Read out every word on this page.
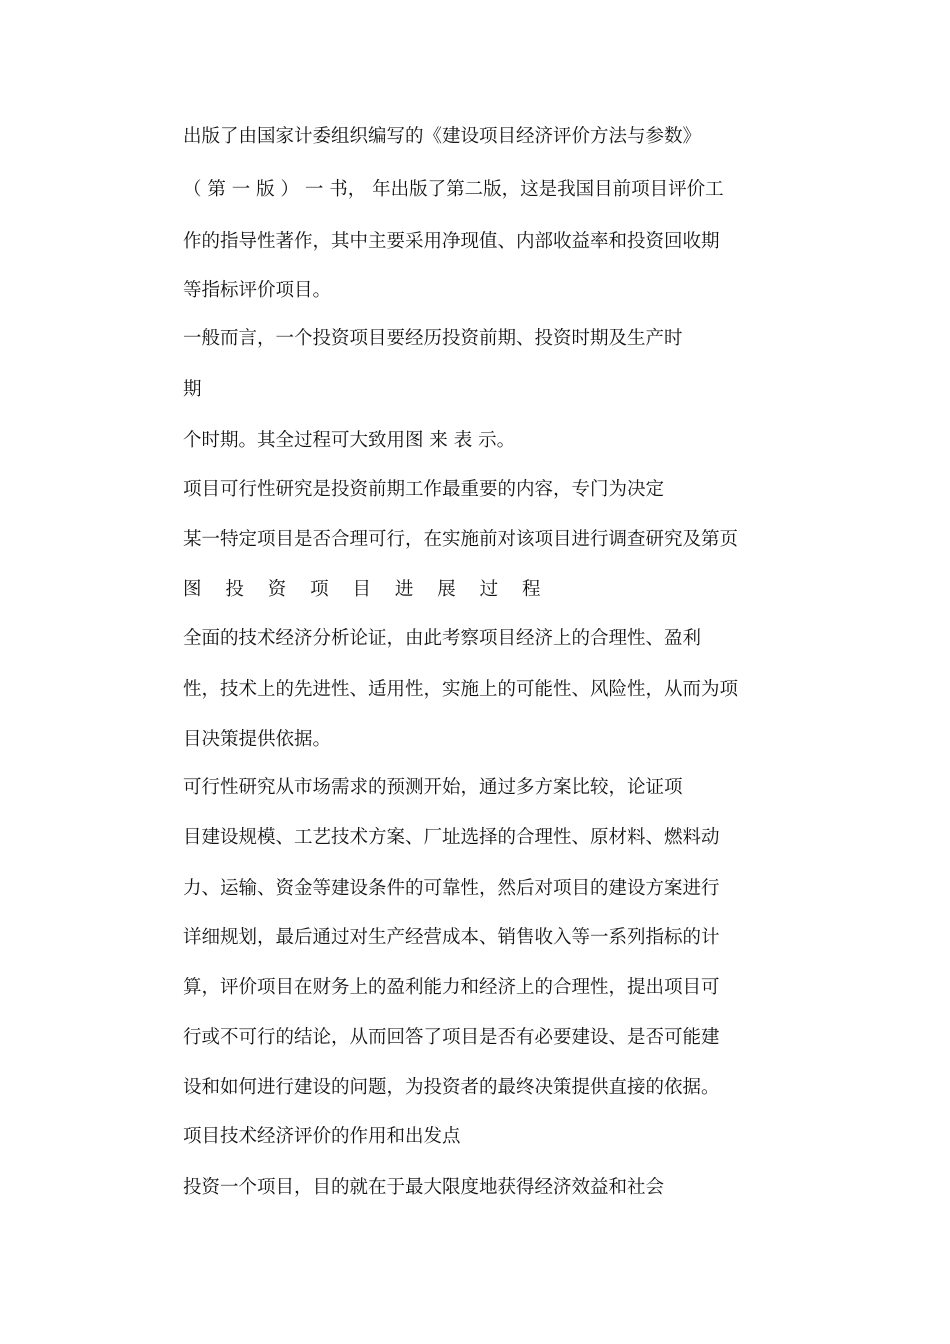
出版了由国家计委组织编写的《建设项目经济评价方法与参数》
（ 第 一 版 ） 一 书， 年出版了第二版，这是我国目前项目评价工
作的指导性著作，其中主要采用净现值、内部收益率和投资回收期
等指标评价项目。
一般而言，一个投资项目要经历投资前期、投资时期及生产时
期
个时期。其全过程可大致用图 来 表 示。
项目可行性研究是投资前期工作最重要的内容，专门为决定
某一特定项目是否合理可行，在实施前对该项目进行调查研究及第页
图 投 资 项 目 进 展 过 程
全面的技术经济分析论证，由此考察项目经济上的合理性、盈利
性，技术上的先进性、适用性，实施上的可能性、风险性，从而为项
目决策提供依据。
可行性研究从市场需求的预测开始，通过多方案比较，论证项
目建设规模、工艺技术方案、厂址选择的合理性、原材料、燃料动
力、运输、资金等建设条件的可靠性，然后对项目的建设方案进行
详细规划，最后通过对生产经营成本、销售收入等一系列指标的计
算，评价项目在财务上的盈利能力和经济上的合理性，提出项目可
行或不可行的结论，从而回答了项目是否有必要建设、是否可能建
设和如何进行建设的问题，为投资者的最终决策提供直接的依据。
项目技术经济评价的作用和出发点
投资一个项目，目的就在于最大限度地获得经济效益和社会
